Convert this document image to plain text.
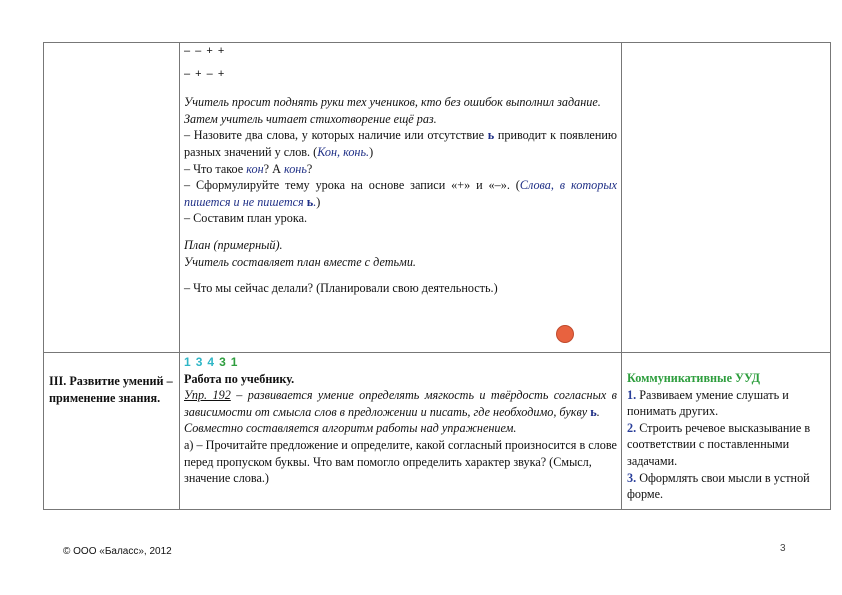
– – + +

– + – +

Учитель просит поднять руки тех учеников, кто без ошибок выполнил задание.

Затем учитель читает стихотворение ещё раз.

– Назовите два слова, у которых наличие или отсутствие ь приводит к появлению разных значений у слов. (Кон, конь.)

– Что такое кон? А конь?

– Сформулируйте тему урока на основе записи «+» и «–». (Слова, в которых пишется и не пишется ь.)

– Составим план урока.

План (примерный).

Учитель составляет план вместе с детьми.

– Что мы сейчас делали? (Планировали свою деятельность.)

III. Развитие умений – применение знания.

1 3 4 3 1

Работа по учебнику.

Упр. 192 – развивается умение определять мягкость и твёрдость согласных в зависимости от смысла слов в предложении и писать, где необходимо, букву ь.

Совместно составляется алгоритм работы над упражнением.

а) – Прочитайте предложение и определите, какой согласный произносится в слове перед пропуском буквы. Что вам помогло определить характер звука? (Смысл, значение слова.)

Коммуникативные УУД

1. Развиваем умение слушать и понимать других.

2. Строить речевое высказывание в соответствии с поставленными задачами.

3. Оформлять свои мысли в устной форме.

© ООО «Баласс», 2012	3
